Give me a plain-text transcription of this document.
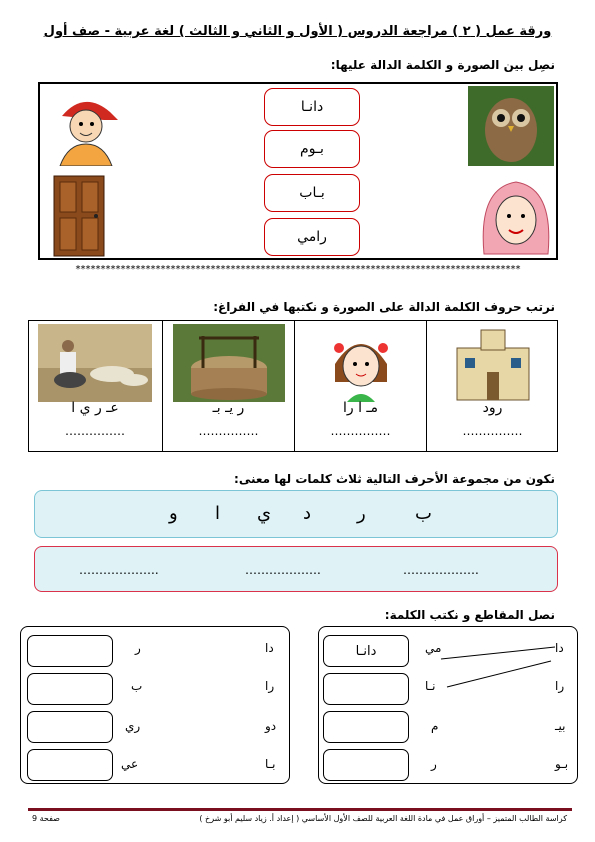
ورقة عمل ( ٢ ) مراجعة الدروس ( الأول و الثاني و الثالث ) لغة عربية - صف أول
نصِل بين الصورة و الكلمة الدالة عليها:
دانـا
بـوم
بـاب
رامي
*****************************************************************************************
نرتب حروف الكلمة الدالة على الصورة و نكتبها في الفراغ:
رود
……………
مـ ا را
……………
ر يـ بـ
……………
عـ ر ي ا
……………
نكون من مجموعة الأحرف التالية ثلاث كلمات لها معنى:
ب
ر
د
ي
ا
و
……………….
……………….
………………..
نصل المقاطع و نكتب الكلمة:
دا
را
بيـ
بـو
مي
نـا
م
ر
دانـا
دا
را
دو
بـا
ر
ب
ري
عي
صفحة 9	كراسة الطالب المتميز – أوراق عمل في مادة اللغة العربية للصف الأول الأساسي ( إعداد أ. زياد سليم أبو شرخ )
